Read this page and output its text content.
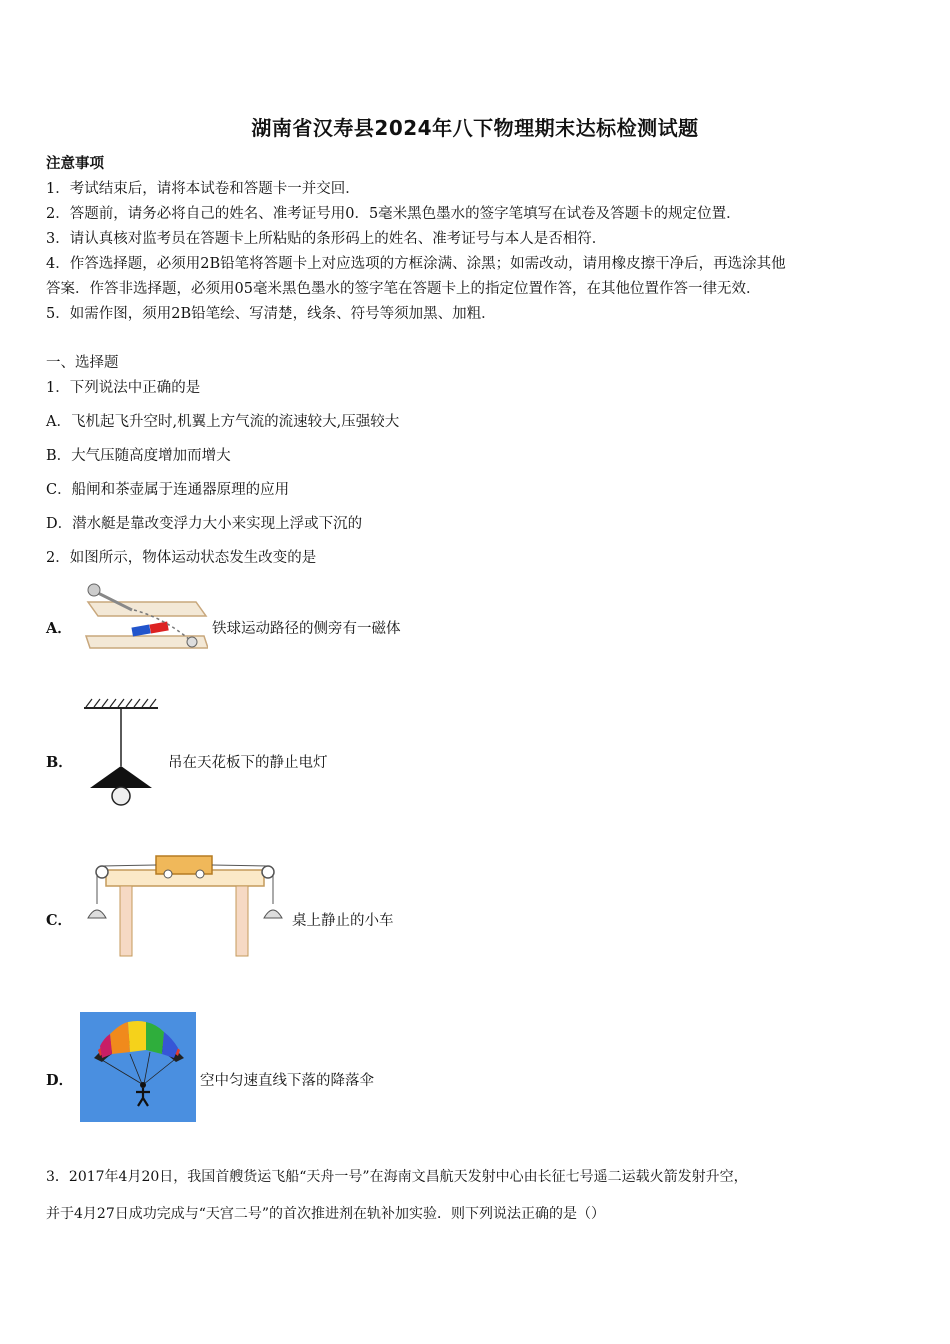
湖南省汉寿县2024年八下物理期末达标检测试题
注意事项
1．考试结束后，请将本试卷和答题卡一并交回．
2．答题前，请务必将自己的姓名、准考证号用0．5毫米黑色墨水的签字笔填写在试卷及答题卡的规定位置．
3．请认真核对监考员在答题卡上所粘贴的条形码上的姓名、准考证号与本人是否相符．
4．作答选择题，必须用2B铅笔将答题卡上对应选项的方框涂满、涂黑；如需改动，请用橡皮擦干净后，再选涂其他
答案．作答非选择题，必须用05毫米黑色墨水的签字笔在答题卡上的指定位置作答，在其他位置作答一律无效．
5．如需作图，须用2B铅笔绘、写清楚，线条、符号等须加黑、加粗．
一、选择题
1．下列说法中正确的是
A．飞机起飞升空时,机翼上方气流的流速较大,压强较大
B．大气压随高度增加而增大
C．船闸和茶壶属于连通器原理的应用
D．潜水艇是靠改变浮力大小来实现上浮或下沉的
2．如图所示，物体运动状态发生改变的是
A．	铁球运动路径的侧旁有一磁体
B．	吊在天花板下的静止电灯
C．	桌上静止的小车
D．	空中匀速直线下落的降落伞
3．2017年4月20日，我国首艘货运飞船“天舟一号”在海南文昌航天发射中心由长征七号遥二运载火箭发射升空，
并于4月27日成功完成与“天宫二号”的首次推进剂在轨补加实验．则下列说法正确的是（）
